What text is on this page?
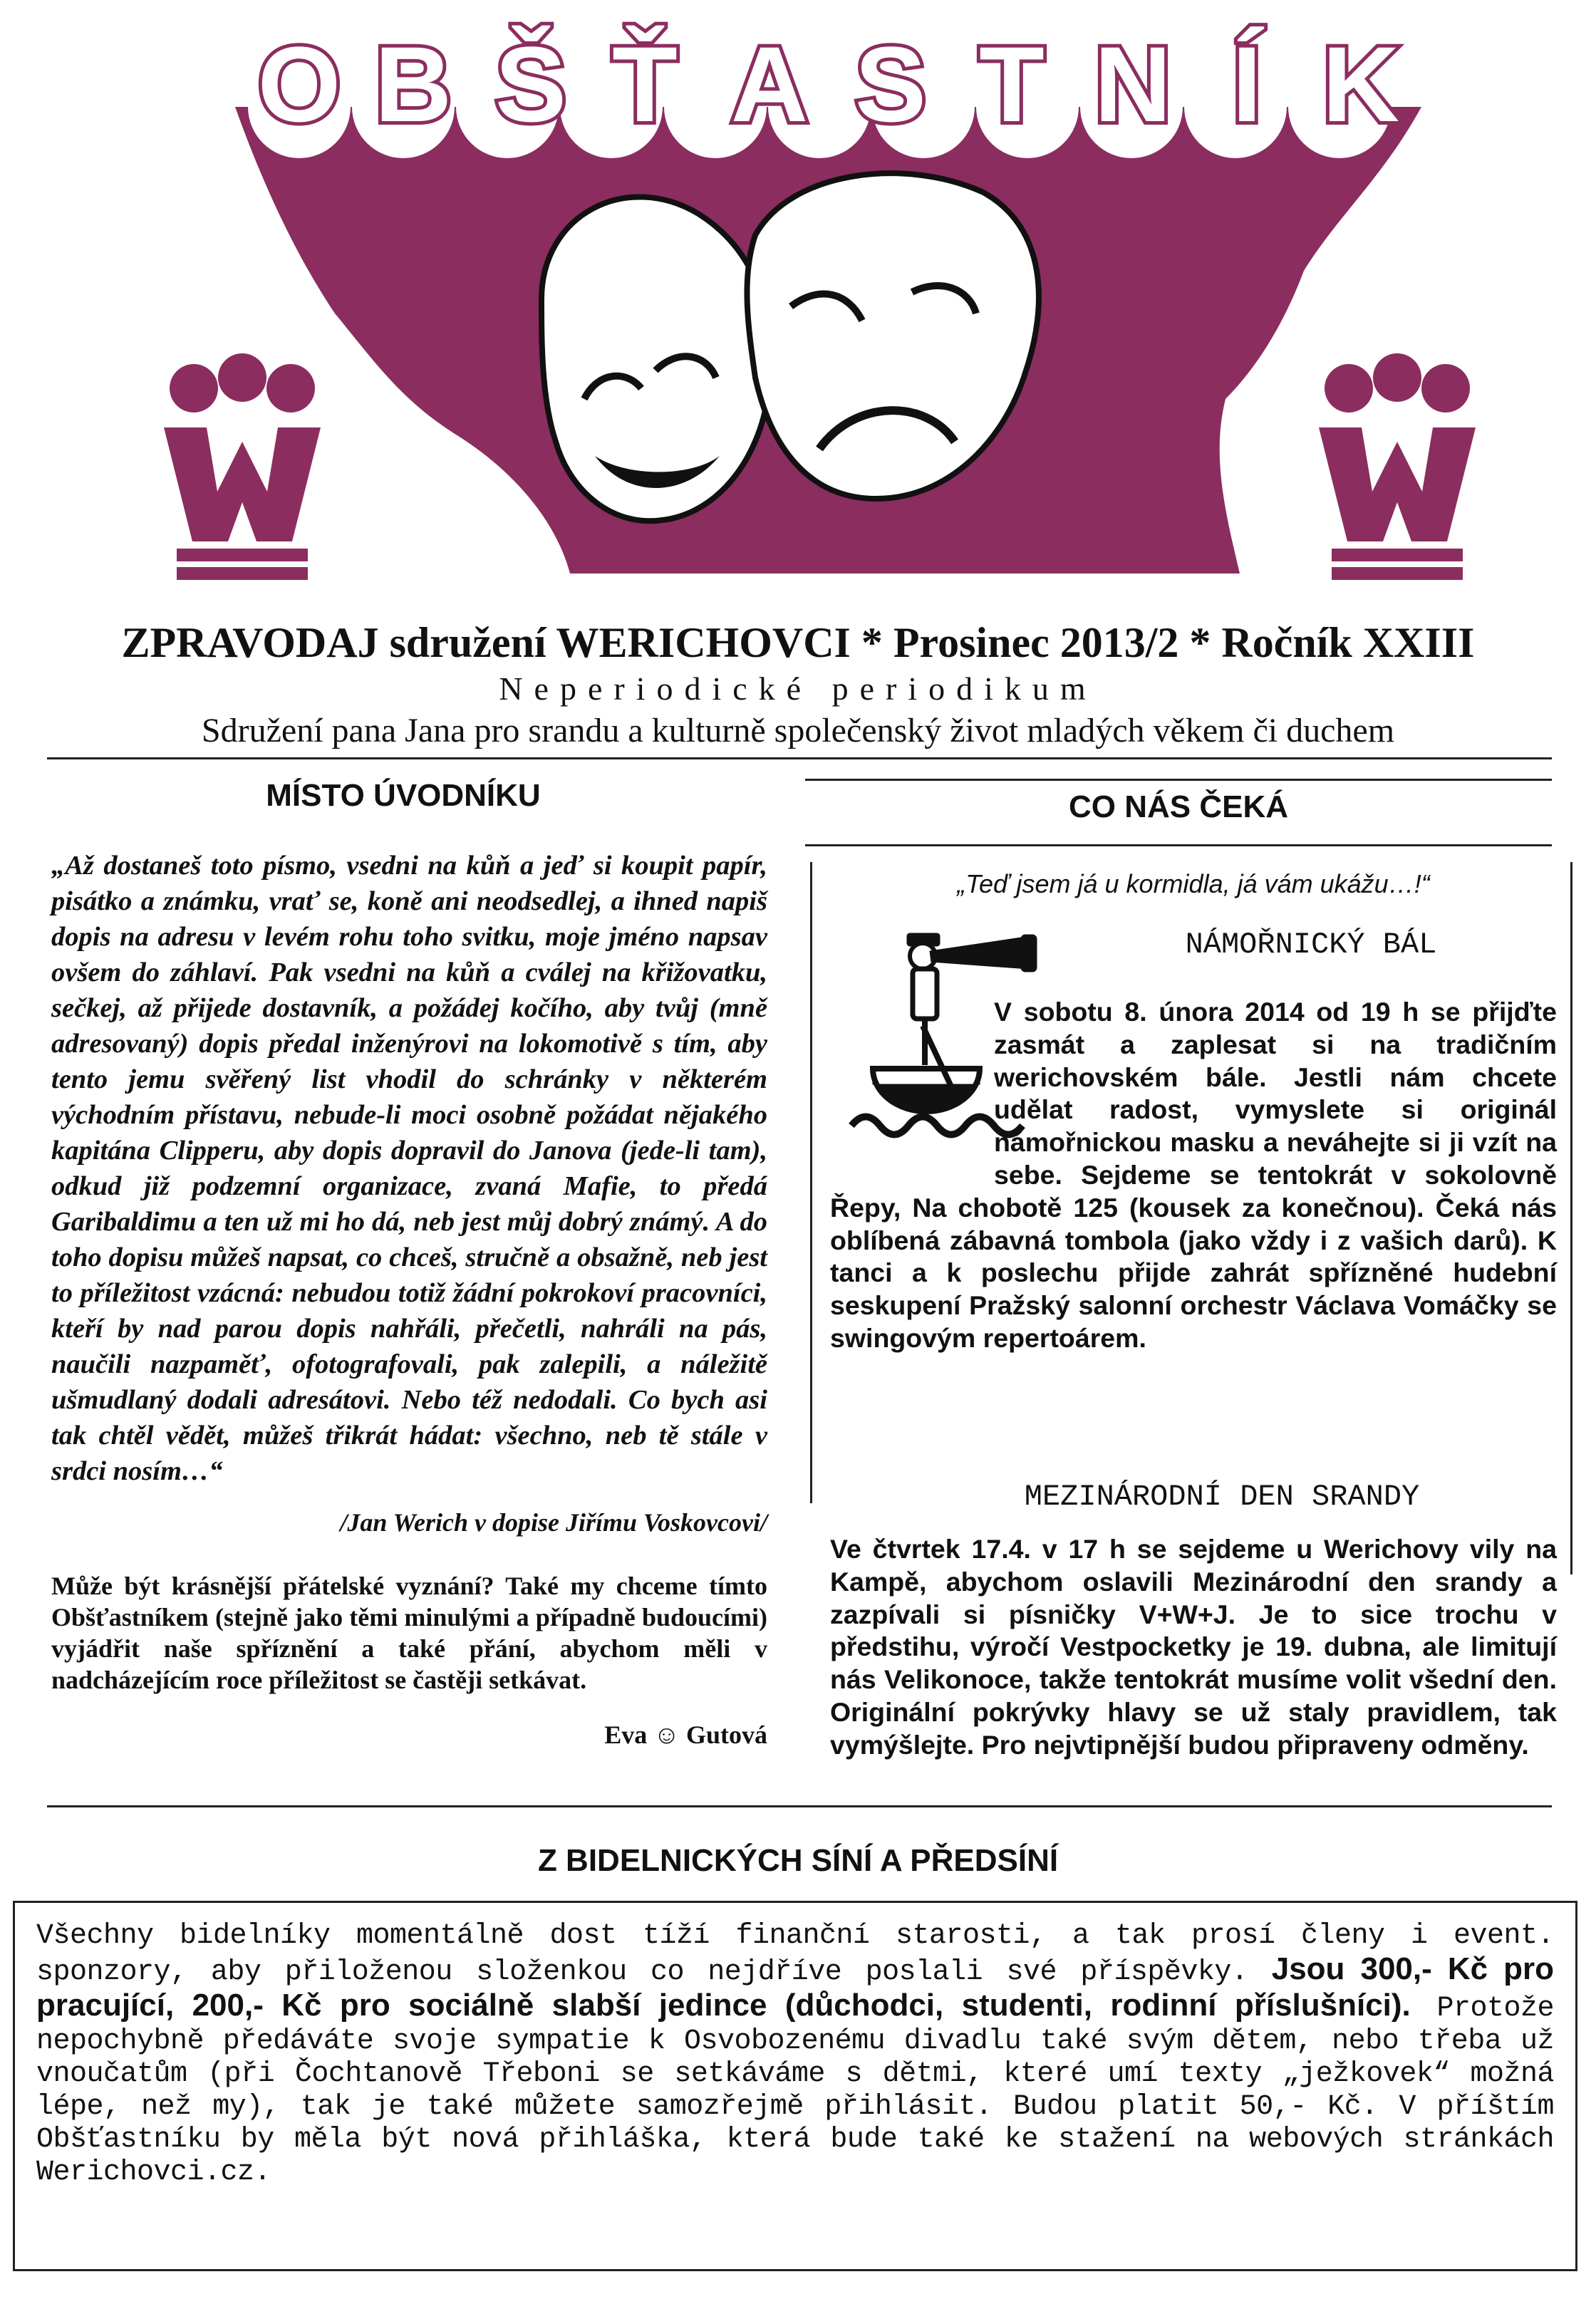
O B Š Ť A S T N Í K
ZPRAVODAJ sdružení WERICHOVCI * Prosinec 2013/2 * Ročník XXIII
Neperiodické periodikum
Sdružení pana Jana pro srandu a kulturně společenský život mladých věkem či duchem
MÍSTO ÚVODNÍKU

„Až dostaneš toto písmo, vsedni na kůň a jeď si koupit papír, pisátko a známku, vrať se, koně ani neodsedlej, a ihned napiš dopis na adresu v levém rohu toho svitku, moje jméno napsav ovšem do záhlaví. Pak vsedni na kůň a cválej na křižovatku, sečkej, až přijede dostavník, a požádej kočího, aby tvůj (mně adresovaný) dopis předal inženýrovi na lokomotivě s tím, aby tento jemu svěřený list vhodil do schránky v některém východním přístavu, nebude-li moci osobně požádat nějakého kapitána Clipperu, aby dopis dopravil do Janova (jede-li tam), odkud již podzemní organizace, zvaná Mafie, to předá Garibaldimu a ten už mi ho dá, neb jest můj dobrý známý. A do toho dopisu můžeš napsat, co chceš, stručně a obsažně, neb jest to příležitost vzácná: nebudou totiž žádní pokrokoví pracovníci, kteří by nad parou dopis nahřáli, přečetli, nahráli na pás, naučili nazpaměť, ofotografovali, pak zalepili, a náležitě ušmudlaný dodali adresátovi. Nebo též nedodali. Co bych asi tak chtěl vědět, můžeš třikrát hádat: všechno, neb tě stále v srdci nosím…“

/Jan Werich v dopise Jiřímu Voskovcovi/

Může být krásnější přátelské vyznání? Také my chceme tímto Obšťastníkem (stejně jako těmi minulými a případně budoucími) vyjádřit naše spříznění a také přání, abychom měli v nadcházejícím roce příležitost se častěji setkávat.

Eva ☺ Gutová

CO NÁS ČEKÁ
„Teď jsem já u kormidla, já vám ukážu…!“
NÁMOŘNICKÝ BÁL

V sobotu 8. února 2014 od 19 h se přijďte zasmát a zaplesat si na tradičním werichovském bále. Jestli nám chcete udělat radost, vymyslete si originál námořnickou masku a neváhejte si ji vzít na sebe. Sejdeme se tentokrát v sokolovně Řepy, Na chobotě 125 (kousek za konečnou). Čeká nás oblíbená zábavná tombola (jako vždy i z vašich darů). K tanci a k poslechu přijde zahrát spřízněné hudební seskupení Pražský salonní orchestr Václava Vomáčky se swingovým repertoárem.

MEZINÁRODNÍ DEN SRANDY

Ve čtvrtek 17.4. v 17 h se sejdeme u Werichovy vily na Kampě, abychom oslavili Mezinárodní den srandy a zazpívali si písničky V+W+J. Je to sice trochu v předstihu, výročí Vestpocketky je 19. dubna, ale limitují nás Velikonoce, takže tentokrát musíme volit všední den. Originální pokrývky hlavy se už staly pravidlem, tak vymýšlejte. Pro nejvtipnější budou připraveny odměny.

Z BIDELNICKÝCH SÍNÍ A PŘEDSÍNÍ

Všechny bidelníky momentálně dost tíží finanční starosti, a tak prosí členy i event. sponzory, aby přiloženou složenkou co nejdříve poslali své příspěvky. Jsou 300,- Kč pro pracující, 200,- Kč pro sociálně slabší jedince (důchodci, studenti, rodinní příslušníci). Protože nepochybně předáváte svoje sympatie k Osvobozenému divadlu také svým dětem, nebo třeba už vnoučatům (při Čochtanově Třeboni se setkáváme s dětmi, které umí texty „ježkovek“ možná lépe, než my), tak je také můžete samozřejmě přihlásit. Budou platit 50,- Kč. V příštím Obšťastníku by měla být nová přihláška, která bude také ke stažení na webových stránkách Werichovci.cz.
